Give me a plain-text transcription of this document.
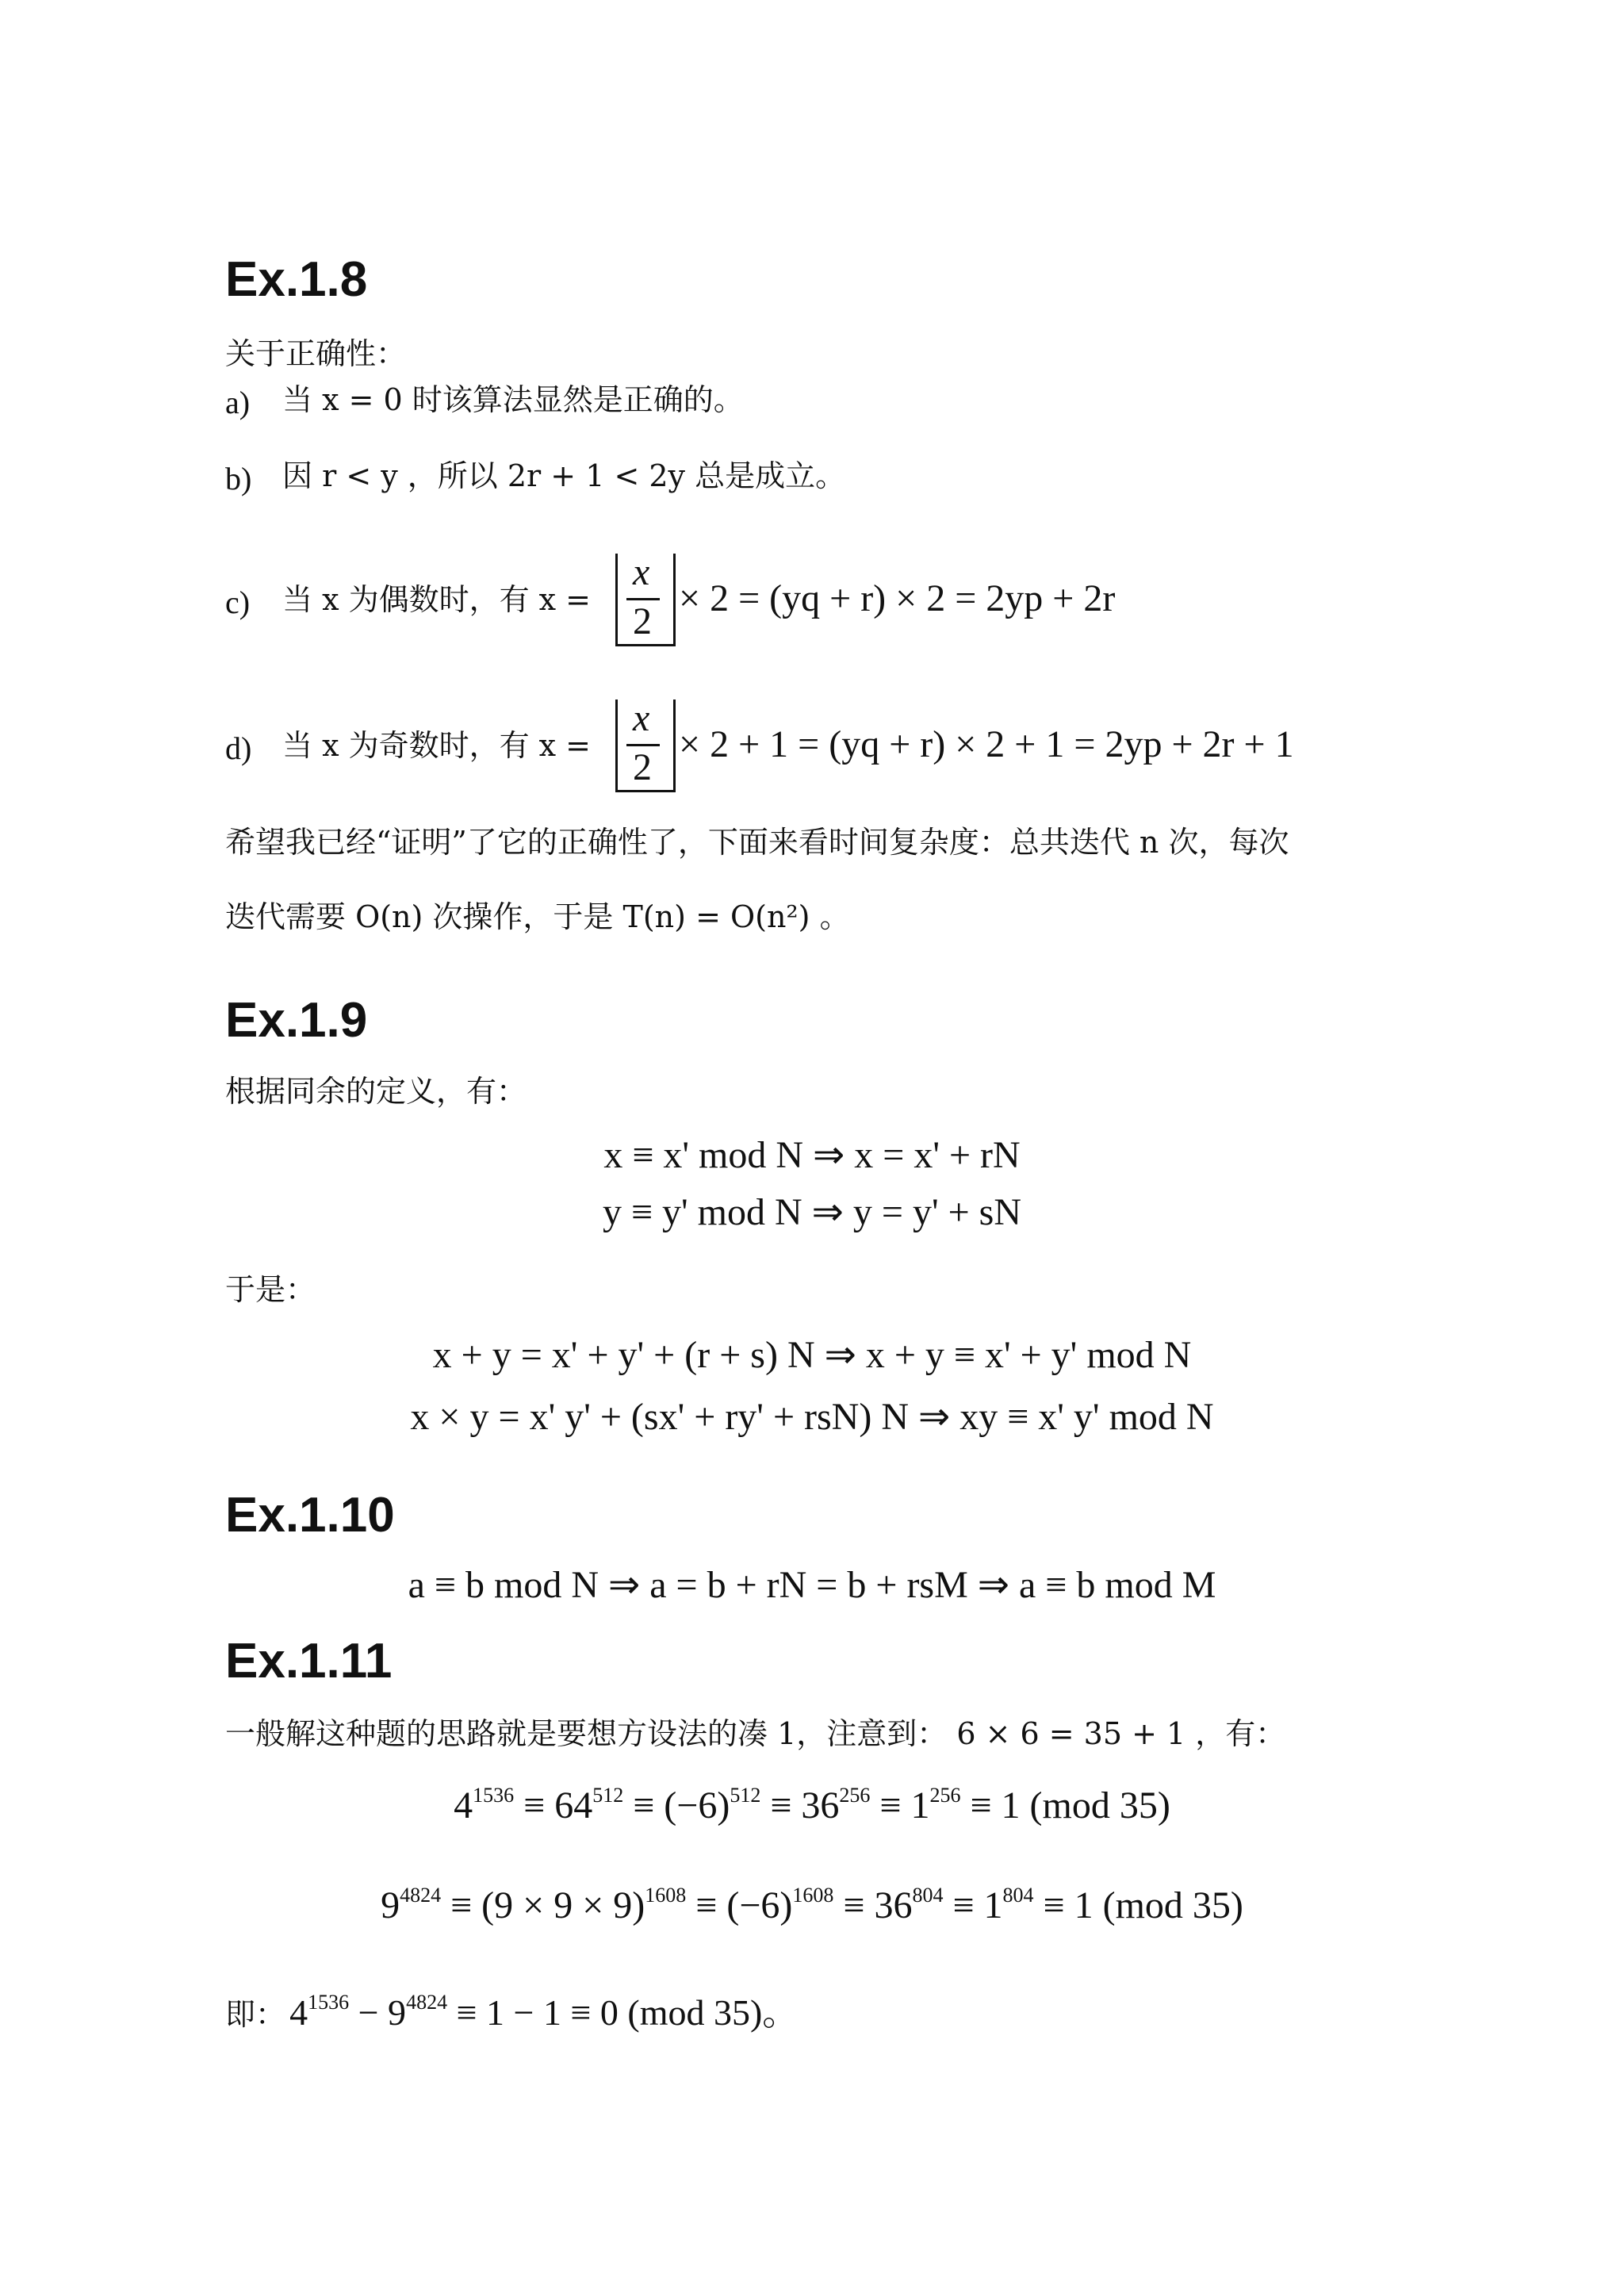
Ex.1.8
关于正确性：
a) 当 x = 0 时该算法显然是正确的。
b) 因 r < y ，所以 2r + 1 < 2y 总是成立。
c) 当 x 为偶数时，有 x =
x
2
× 2 = (yq + r) × 2 = 2yp + 2r
d) 当 x 为奇数时，有 x =
x
2
× 2 + 1 = (yq + r) × 2 + 1 = 2yp + 2r + 1
希望我已经“证明”了它的正确性了，下面来看时间复杂度：总共迭代 n 次，每次
迭代需要 O(n) 次操作，于是 T(n) = O(n²) 。
Ex.1.9
根据同余的定义，有：
x ≡ x' mod N ⇒ x = x' + rN
y ≡ y' mod N ⇒ y = y' + sN
于是：
x + y = x' + y' + (r + s) N ⇒ x + y ≡ x' + y' mod N
x × y = x' y' + (sx' + ry' + rsN) N ⇒ xy ≡ x' y' mod N
Ex.1.10
a ≡ b mod N ⇒ a = b + rN = b + rsM ⇒ a ≡ b mod M
Ex.1.11
一般解这种题的思路就是要想方设法的凑 1，注意到： 6 × 6 = 35 + 1 ，有：
$4^{1536} \equiv 64^{512} \equiv (-6)^{512} \equiv 36^{256} \equiv 1^{256} \equiv 1$ (mod 35)
$9^{4824} \equiv (9 \times 9 \times 9)^{1608} \equiv (-6)^{1608} \equiv 36^{804} \equiv 1^{804} \equiv 1$ (mod 35)
即： $4^{1536} - 9^{4824} \equiv 1 - 1 \equiv 0$ (mod 35)。
